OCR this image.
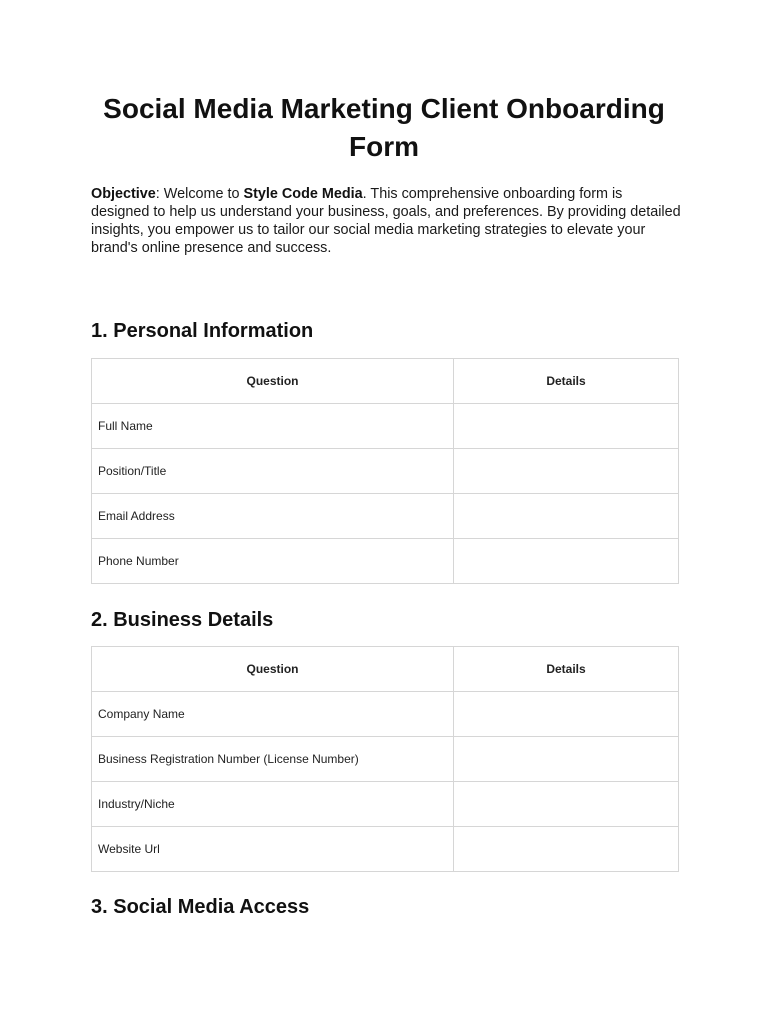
Social Media Marketing Client Onboarding Form
Objective: Welcome to Style Code Media. This comprehensive onboarding form is designed to help us understand your business, goals, and preferences. By providing detailed insights, you empower us to tailor our social media marketing strategies to elevate your brand's online presence and success.
1. Personal Information
Question	Details
Full Name	
Position/Title	
Email Address	
Phone Number	
2. Business Details
Question	Details
Company Name	
Business Registration Number (License Number)	
Industry/Niche	
Website Url	
3. Social Media Access
